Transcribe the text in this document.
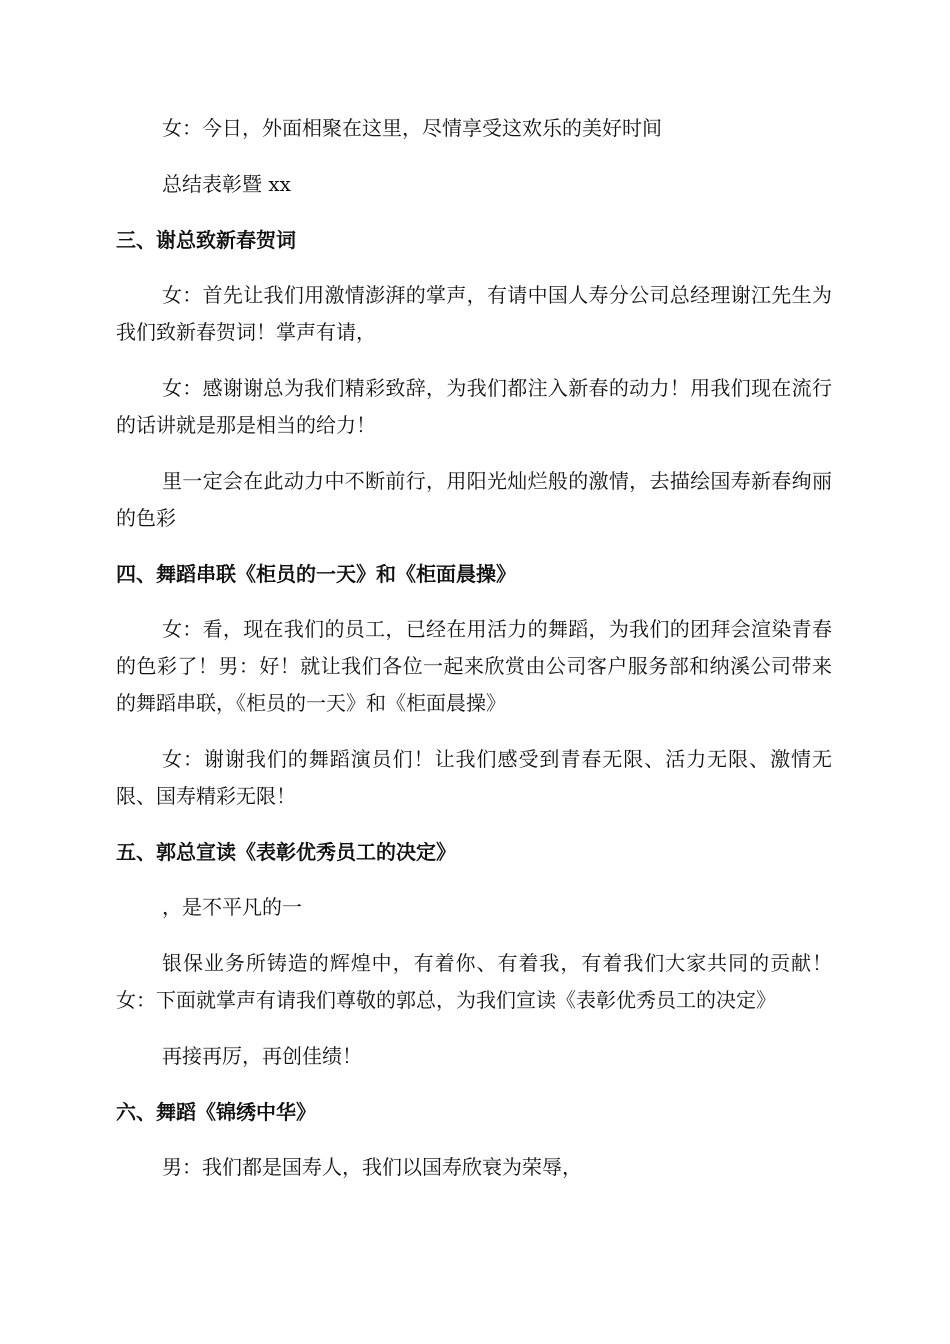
女：今日，外面相聚在这里，尽情享受这欢乐的美好时间

总结表彰暨 xx

三、谢总致新春贺词

女：首先让我们用激情澎湃的掌声，有请中国人寿分公司总经理谢江先生为我们致新春贺词！掌声有请，

女：感谢谢总为我们精彩致辞，为我们都注入新春的动力！用我们现在流行的话讲就是那是相当的给力！

里一定会在此动力中不断前行，用阳光灿烂般的激情，去描绘国寿新春绚丽的色彩

四、舞蹈串联《柜员的一天》和《柜面晨操》

女：看，现在我们的员工，已经在用活力的舞蹈，为我们的团拜会渲染青春的色彩了！男：好！就让我们各位一起来欣赏由公司客户服务部和纳溪公司带来的舞蹈串联，《柜员的一天》和《柜面晨操》

女：谢谢我们的舞蹈演员们！让我们感受到青春无限、活力无限、激情无限、国寿精彩无限！

五、郭总宣读《表彰优秀员工的决定》

，是不平凡的一

银保业务所铸造的辉煌中，有着你、有着我，有着我们大家共同的贡献！女：下面就掌声有请我们尊敬的郭总，为我们宣读《表彰优秀员工的决定》

再接再厉，再创佳绩！

六、舞蹈《锦绣中华》

男：我们都是国寿人，我们以国寿欣衰为荣辱，
